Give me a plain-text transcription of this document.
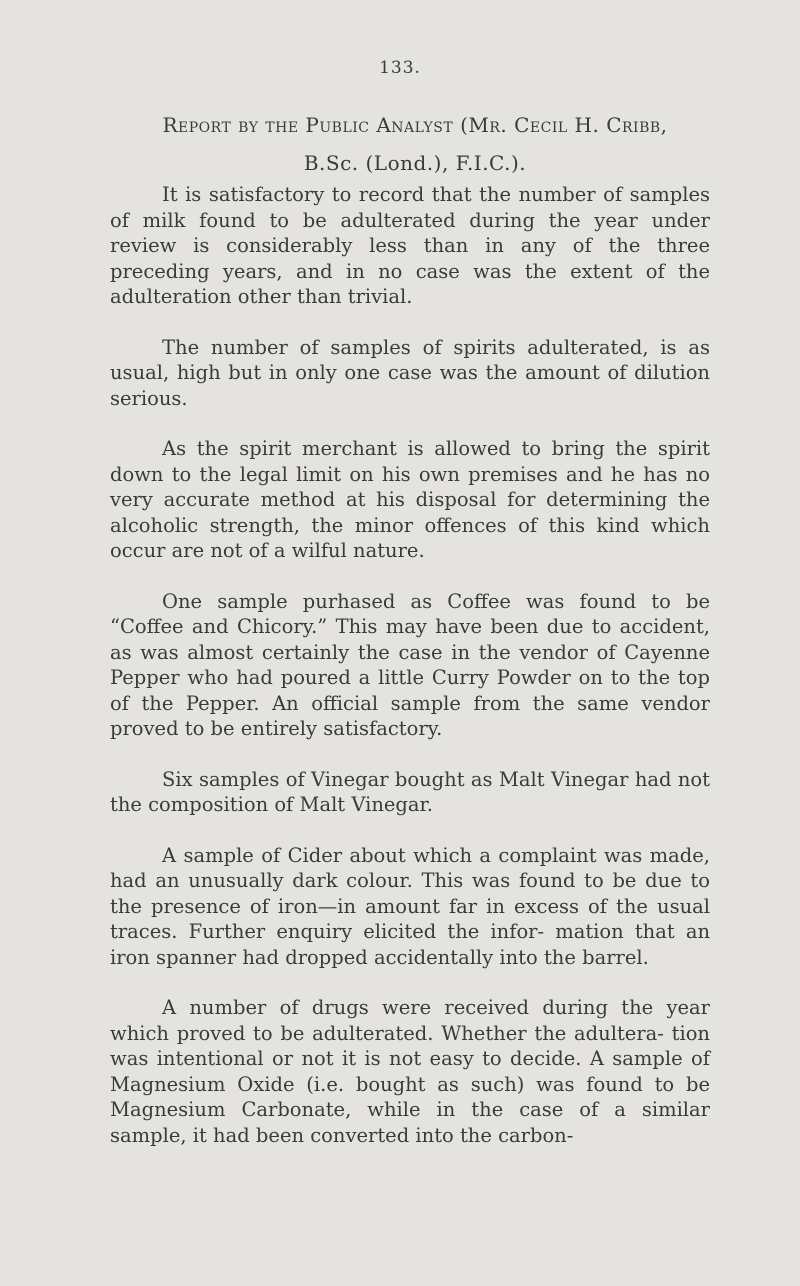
133.
Report by the Public Analyst (Mr. Cecil H. Cribb,
B.Sc. (Lond.), F.I.C.).

It is satisfactory to record that the number of samples of milk found to be adulterated during the year under review is considerably less than in any of the three preceding years, and in no case was the extent of the adulteration other than trivial.

The number of samples of spirits adulterated, is as usual, high but in only one case was the amount of dilution serious.

As the spirit merchant is allowed to bring the spirit down to the legal limit on his own premises and he has no very accurate method at his disposal for determining the alcoholic strength, the minor offences of this kind which occur are not of a wilful nature.

One sample purhased as Coffee was found to be “Coffee and Chicory.” This may have been due to accident, as was almost certainly the case in the vendor of Cayenne Pepper who had poured a little Curry Powder on to the top of the Pepper. An official sample from the same vendor proved to be entirely satisfactory.

Six samples of Vinegar bought as Malt Vinegar had not the composition of Malt Vinegar.

A sample of Cider about which a complaint was made, had an unusually dark colour. This was found to be due to the presence of iron—in amount far in excess of the usual traces. Further enquiry elicited the infor- mation that an iron spanner had dropped accidentally into the barrel.

A number of drugs were received during the year which proved to be adulterated. Whether the adultera- tion was intentional or not it is not easy to decide. A sample of Magnesium Oxide (i.e. bought as such) was found to be Magnesium Carbonate, while in the case of a similar sample, it had been converted into the carbon-
